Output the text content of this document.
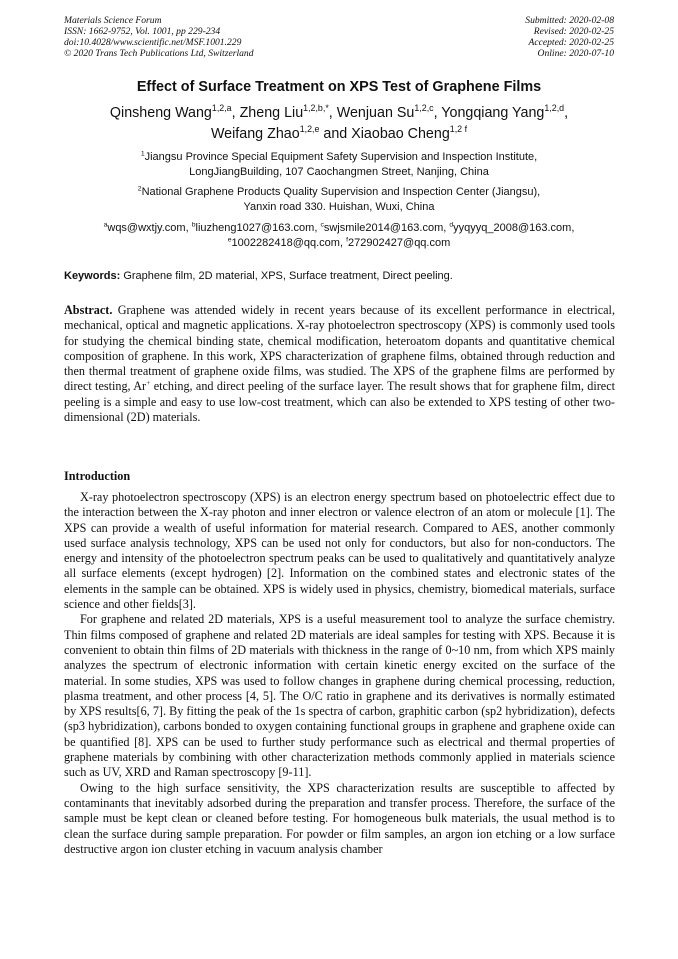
Materials Science Forum
ISSN: 1662-9752, Vol. 1001, pp 229-234
doi:10.4028/www.scientific.net/MSF.1001.229
© 2020 Trans Tech Publications Ltd, Switzerland
Submitted: 2020-02-08
Revised: 2020-02-25
Accepted: 2020-02-25
Online: 2020-07-10
Effect of Surface Treatment on XPS Test of Graphene Films
Qinsheng Wang$^{1,2,a}$, Zheng Liu$^{1,2,b,*}$, Wenjuan Su$^{1,2,c}$, Yongqiang Yang$^{1,2,d}$,
Weifang Zhao$^{1,2,e}$ and Xiaobao Cheng$^{1,2 f}$
$^1$Jiangsu Province Special Equipment Safety Supervision and Inspection Institute,
LongJiangBuilding, 107 Caochangmen Street, Nanjing, China
$^2$National Graphene Products Quality Supervision and Inspection Center (Jiangsu),
Yanxin road 330. Huishan, Wuxi, China
$^a$wqs@wxtjy.com, $^b$liuzheng1027@163.com, $^c$swjsmile2014@163.com, $^d$yyqyyq_2008@163.com,
$^e$1002282418@qq.com, $^f$272902427@qq.com
Keywords: Graphene film, 2D material, XPS, Surface treatment, Direct peeling.
Abstract. Graphene was attended widely in recent years because of its excellent performance in electrical, mechanical, optical and magnetic applications. X-ray photoelectron spectroscopy (XPS) is commonly used tools for studying the chemical binding state, chemical modification, heteroatom dopants and quantitative chemical composition of graphene. In this work, XPS characterization of graphene films, obtained through reduction and then thermal treatment of graphene oxide films, was studied. The XPS of the graphene films are performed by direct testing, Ar+ etching, and direct peeling of the surface layer. The result shows that for graphene film, direct peeling is a simple and easy to use low-cost treatment, which can also be extended to XPS testing of other two-dimensional (2D) materials.
Introduction

X-ray photoelectron spectroscopy (XPS) is an electron energy spectrum based on photoelectric effect due to the interaction between the X-ray photon and inner electron or valence electron of an atom or molecule [1]. The XPS can provide a wealth of useful information for material research. Compared to AES, another commonly used surface analysis technology, XPS can be used not only for conductors, but also for non-conductors. The energy and intensity of the photoelectron spectrum peaks can be used to qualitatively and quantitatively analyze all surface elements (except hydrogen) [2]. Information on the combined states and electronic states of the elements in the sample can be obtained. XPS is widely used in physics, chemistry, biomedical materials, surface science and other fields[3].

For graphene and related 2D materials, XPS is a useful measurement tool to analyze the surface chemistry. Thin films composed of graphene and related 2D materials are ideal samples for testing with XPS. Because it is convenient to obtain thin films of 2D materials with thickness in the range of 0~10 nm, from which XPS mainly analyzes the spectrum of electronic information with certain kinetic energy excited on the surface of the material. In some studies, XPS was used to follow changes in graphene during chemical processing, reduction, plasma treatment, and other process [4, 5]. The O/C ratio in graphene and its derivatives is normally estimated by XPS results[6, 7]. By fitting the peak of the 1s spectra of carbon, graphitic carbon (sp2 hybridization), defects (sp3 hybridization), carbons bonded to oxygen containing functional groups in graphene and graphene oxide can be quantified [8]. XPS can be used to further study performance such as electrical and thermal properties of graphene materials by combining with other characterization methods commonly applied in materials science such as UV, XRD and Raman spectroscopy [9-11].

Owing to the high surface sensitivity, the XPS characterization results are susceptible to affected by contaminants that inevitably adsorbed during the preparation and transfer process. Therefore, the surface of the sample must be kept clean or cleaned before testing. For homogeneous bulk materials, the usual method is to clean the surface during sample preparation. For powder or film samples, an argon ion etching or a low surface destructive argon ion cluster etching in vacuum analysis chamber
